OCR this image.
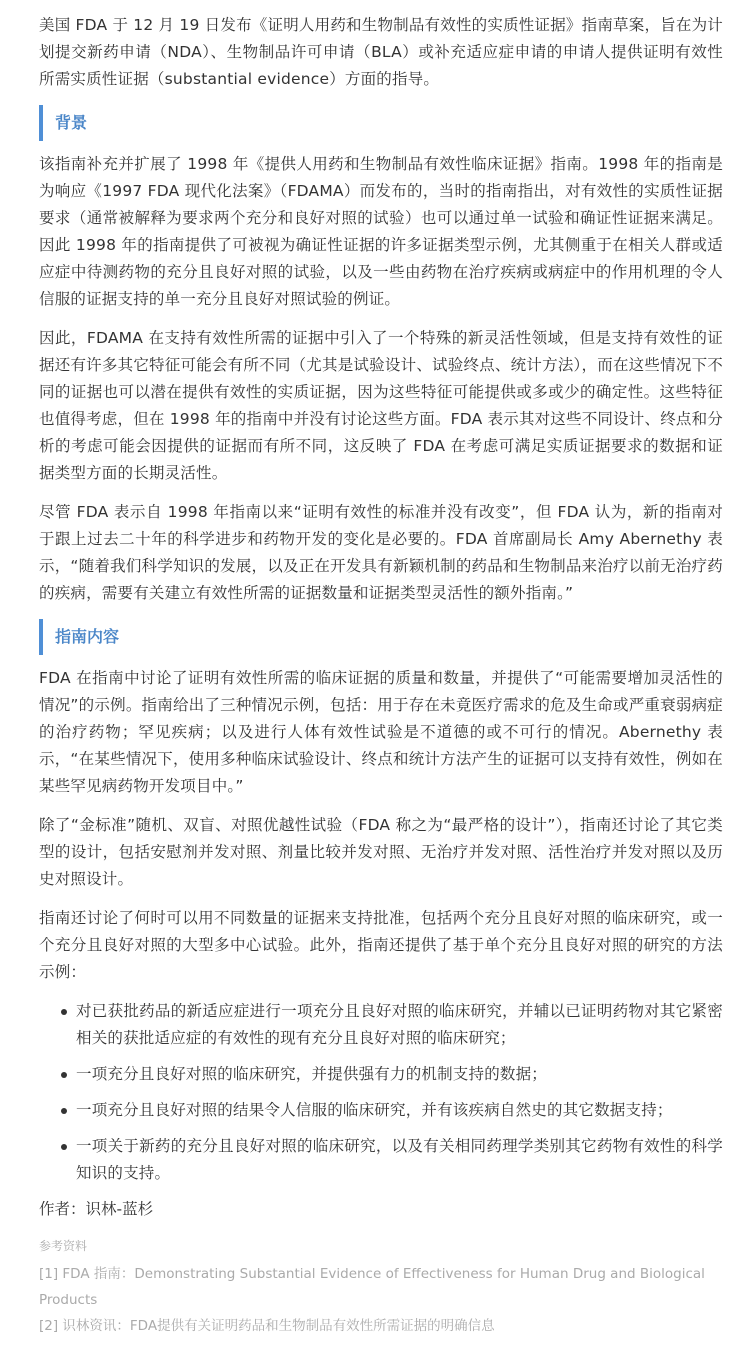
美国 FDA 于 12 月 19 日发布《证明人用药和生物制品有效性的实质性证据》指南草案，旨在为计划提交新药申请（NDA）、生物制品许可申请（BLA）或补充适应症申请的申请人提供证明有效性所需实质性证据（substantial evidence）方面的指导。

背景

该指南补充并扩展了 1998 年《提供人用药和生物制品有效性临床证据》指南。1998 年的指南是为响应《1997 FDA 现代化法案》（FDAMA）而发布的，当时的指南指出，对有效性的实质性证据要求（通常被解释为要求两个充分和良好对照的试验）也可以通过单一试验和确证性证据来满足。因此 1998 年的指南提供了可被视为确证性证据的许多证据类型示例，尤其侧重于在相关人群或适应症中待测药物的充分且良好对照的试验，以及一些由药物在治疗疾病或病症中的作用机理的令人信服的证据支持的单一充分且良好对照试验的例证。

因此，FDAMA 在支持有效性所需的证据中引入了一个特殊的新灵活性领域，但是支持有效性的证据还有许多其它特征可能会有所不同（尤其是试验设计、试验终点、统计方法），而在这些情况下不同的证据也可以潜在提供有效性的实质证据，因为这些特征可能提供或多或少的确定性。这些特征也值得考虑，但在 1998 年的指南中并没有讨论这些方面。FDA 表示其对这些不同设计、终点和分析的考虑可能会因提供的证据而有所不同，这反映了 FDA 在考虑可满足实质证据要求的数据和证据类型方面的长期灵活性。

尽管 FDA 表示自 1998 年指南以来“证明有效性的标准并没有改变”，但 FDA 认为，新的指南对于跟上过去二十年的科学进步和药物开发的变化是必要的。FDA 首席副局长 Amy Abernethy 表示，“随着我们科学知识的发展，以及正在开发具有新颖机制的药品和生物制品来治疗以前无治疗药的疾病，需要有关建立有效性所需的证据数量和证据类型灵活性的额外指南。”

指南内容

FDA 在指南中讨论了证明有效性所需的临床证据的质量和数量，并提供了“可能需要增加灵活性的情况”的示例。指南给出了三种情况示例，包括：用于存在未竟医疗需求的危及生命或严重衰弱病症的治疗药物；罕见疾病；以及进行人体有效性试验是不道德的或不可行的情况。Abernethy 表示，“在某些情况下，使用多种临床试验设计、终点和统计方法产生的证据可以支持有效性，例如在某些罕见病药物开发项目中。”

除了“金标准”随机、双盲、对照优越性试验（FDA 称之为“最严格的设计”），指南还讨论了其它类型的设计，包括安慰剂并发对照、剂量比较并发对照、无治疗并发对照、活性治疗并发对照以及历史对照设计。

指南还讨论了何时可以用不同数量的证据来支持批准，包括两个充分且良好对照的临床研究，或一个充分且良好对照的大型多中心试验。此外，指南还提供了基于单个充分且良好对照的研究的方法示例：

对已获批药品的新适应症进行一项充分且良好对照的临床研究，并辅以已证明药物对其它紧密相关的获批适应症的有效性的现有充分且良好对照的临床研究；
一项充分且良好对照的临床研究，并提供强有力的机制支持的数据；
一项充分且良好对照的结果令人信服的临床研究，并有该疾病自然史的其它数据支持；
一项关于新药的充分且良好对照的临床研究，以及有关相同药理学类别其它药物有效性的科学知识的支持。

作者：识林-蓝杉

参考资料

[1] FDA 指南：Demonstrating Substantial Evidence of Effectiveness for Human Drug and Biological Products

[2] 识林资讯：FDA提供有关证明药品和生物制品有效性所需证据的明确信息
